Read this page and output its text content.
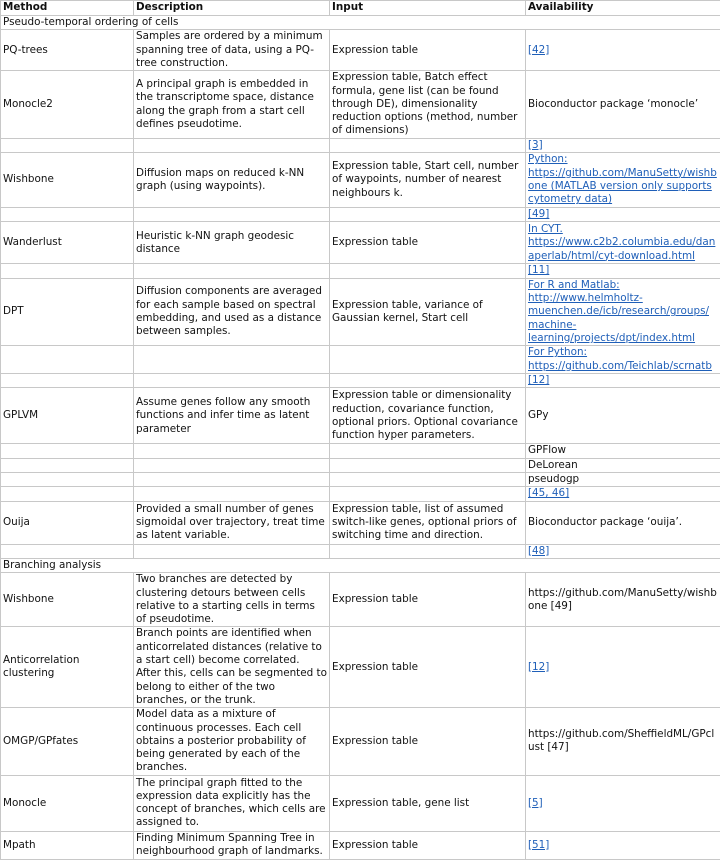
Method	Description	Input	Availability
Pseudo-temporal ordering of cells			
PQ-trees	Samples are ordered by a minimum spanning tree of data, using a PQ-tree construction.	Expression table	[42]
Monocle2	A principal graph is embedded in the transcriptome space, distance along the graph from a start cell defines pseudotime.	Expression table, Batch effect formula, gene list (can be found through DE), dimensionality reduction options (method, number of dimensions)	Bioconductor package ‘monocle’
			[3]
Wishbone	Diffusion maps on reduced k-NN graph (using waypoints).	Expression table, Start cell, number of waypoints, number of nearest neighbours k.	Python: https://github.com/ManuSetty/wishbone (MATLAB version only supports cytometry data)
			[49]
Wanderlust	Heuristic k-NN graph geodesic distance	Expression table	In CYT. https://www.c2b2.columbia.edu/danaperlab/html/cyt-download.html
			[11]
DPT	Diffusion components are averaged for each sample based on spectral embedding, and used as a distance between samples.	Expression table, variance of Gaussian kernel, Start cell	For R and Matlab: http://www.helmholtz-muenchen.de/icb/research/groups/machine-learning/projects/dpt/index.html
			For Python: https://github.com/Teichlab/scrnatb
			[12]
GPLVM	Assume genes follow any smooth functions and infer time as latent parameter	Expression table or dimensionality reduction, covariance function, optional priors. Optional covariance function hyper parameters.	GPy
			GPFlow
			DeLorean
			pseudogp
			[45, 46]
Ouija	Provided a small number of genes sigmoidal over trajectory, treat time as latent variable.	Expression table, list of assumed switch-like genes, optional priors of switching time and direction.	Bioconductor package ‘ouija’.
			[48]
Branching analysis			
Wishbone	Two branches are detected by clustering detours between cells relative to a starting cells in terms of pseudotime.	Expression table	https://github.com/ManuSetty/wishbone [49]
Anticorrelation clustering	Branch points are identified when anticorrelated distances (relative to a start cell) become correlated. After this, cells can be segmented to belong to either of the two branches, or the trunk.	Expression table	[12]
OMGP/GPfates	Model data as a mixture of continuous processes. Each cell obtains a posterior probability of being generated by each of the branches.	Expression table	https://github.com/SheffieldML/GPclust [47]
Monocle	The principal graph fitted to the expression data explicitly has the concept of branches, which cells are assigned to.	Expression table, gene list	[5]
Mpath	Finding Minimum Spanning Tree in neighbourhood graph of landmarks.	Expression table	[51]
